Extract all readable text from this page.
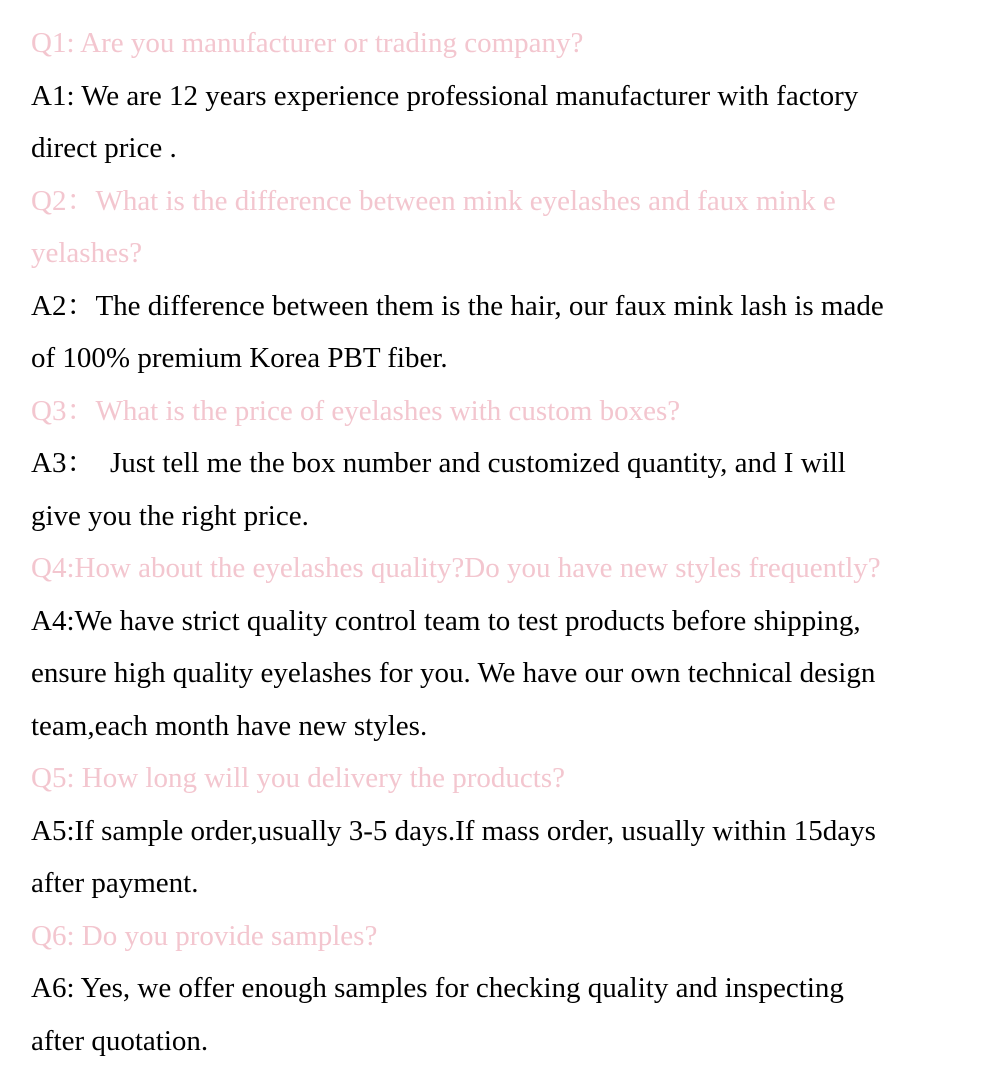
Q1: Are you manufacturer or trading company?
A1: We are 12 years experience professional manufacturer with factory
direct price .
Q2：What is the difference between mink eyelashes and faux mink e
yelashes?
A2：The difference between them is the hair, our faux mink lash is made
of 100% premium Korea PBT fiber.
Q3：What is the price of eyelashes with custom boxes?
A3：  Just tell me the box number and customized quantity, and I will
give you the right price.
Q4:How about the eyelashes quality?Do you have new styles frequently?
A4:We have strict quality control team to test products before shipping,
ensure high quality eyelashes for you. We have our own technical design
team,each month have new styles.
Q5: How long will you delivery the products?
A5:If sample order,usually 3-5 days.If mass order, usually within 15days
after payment.
Q6: Do you provide samples?
A6: Yes, we offer enough samples for checking quality and inspecting
after quotation.
